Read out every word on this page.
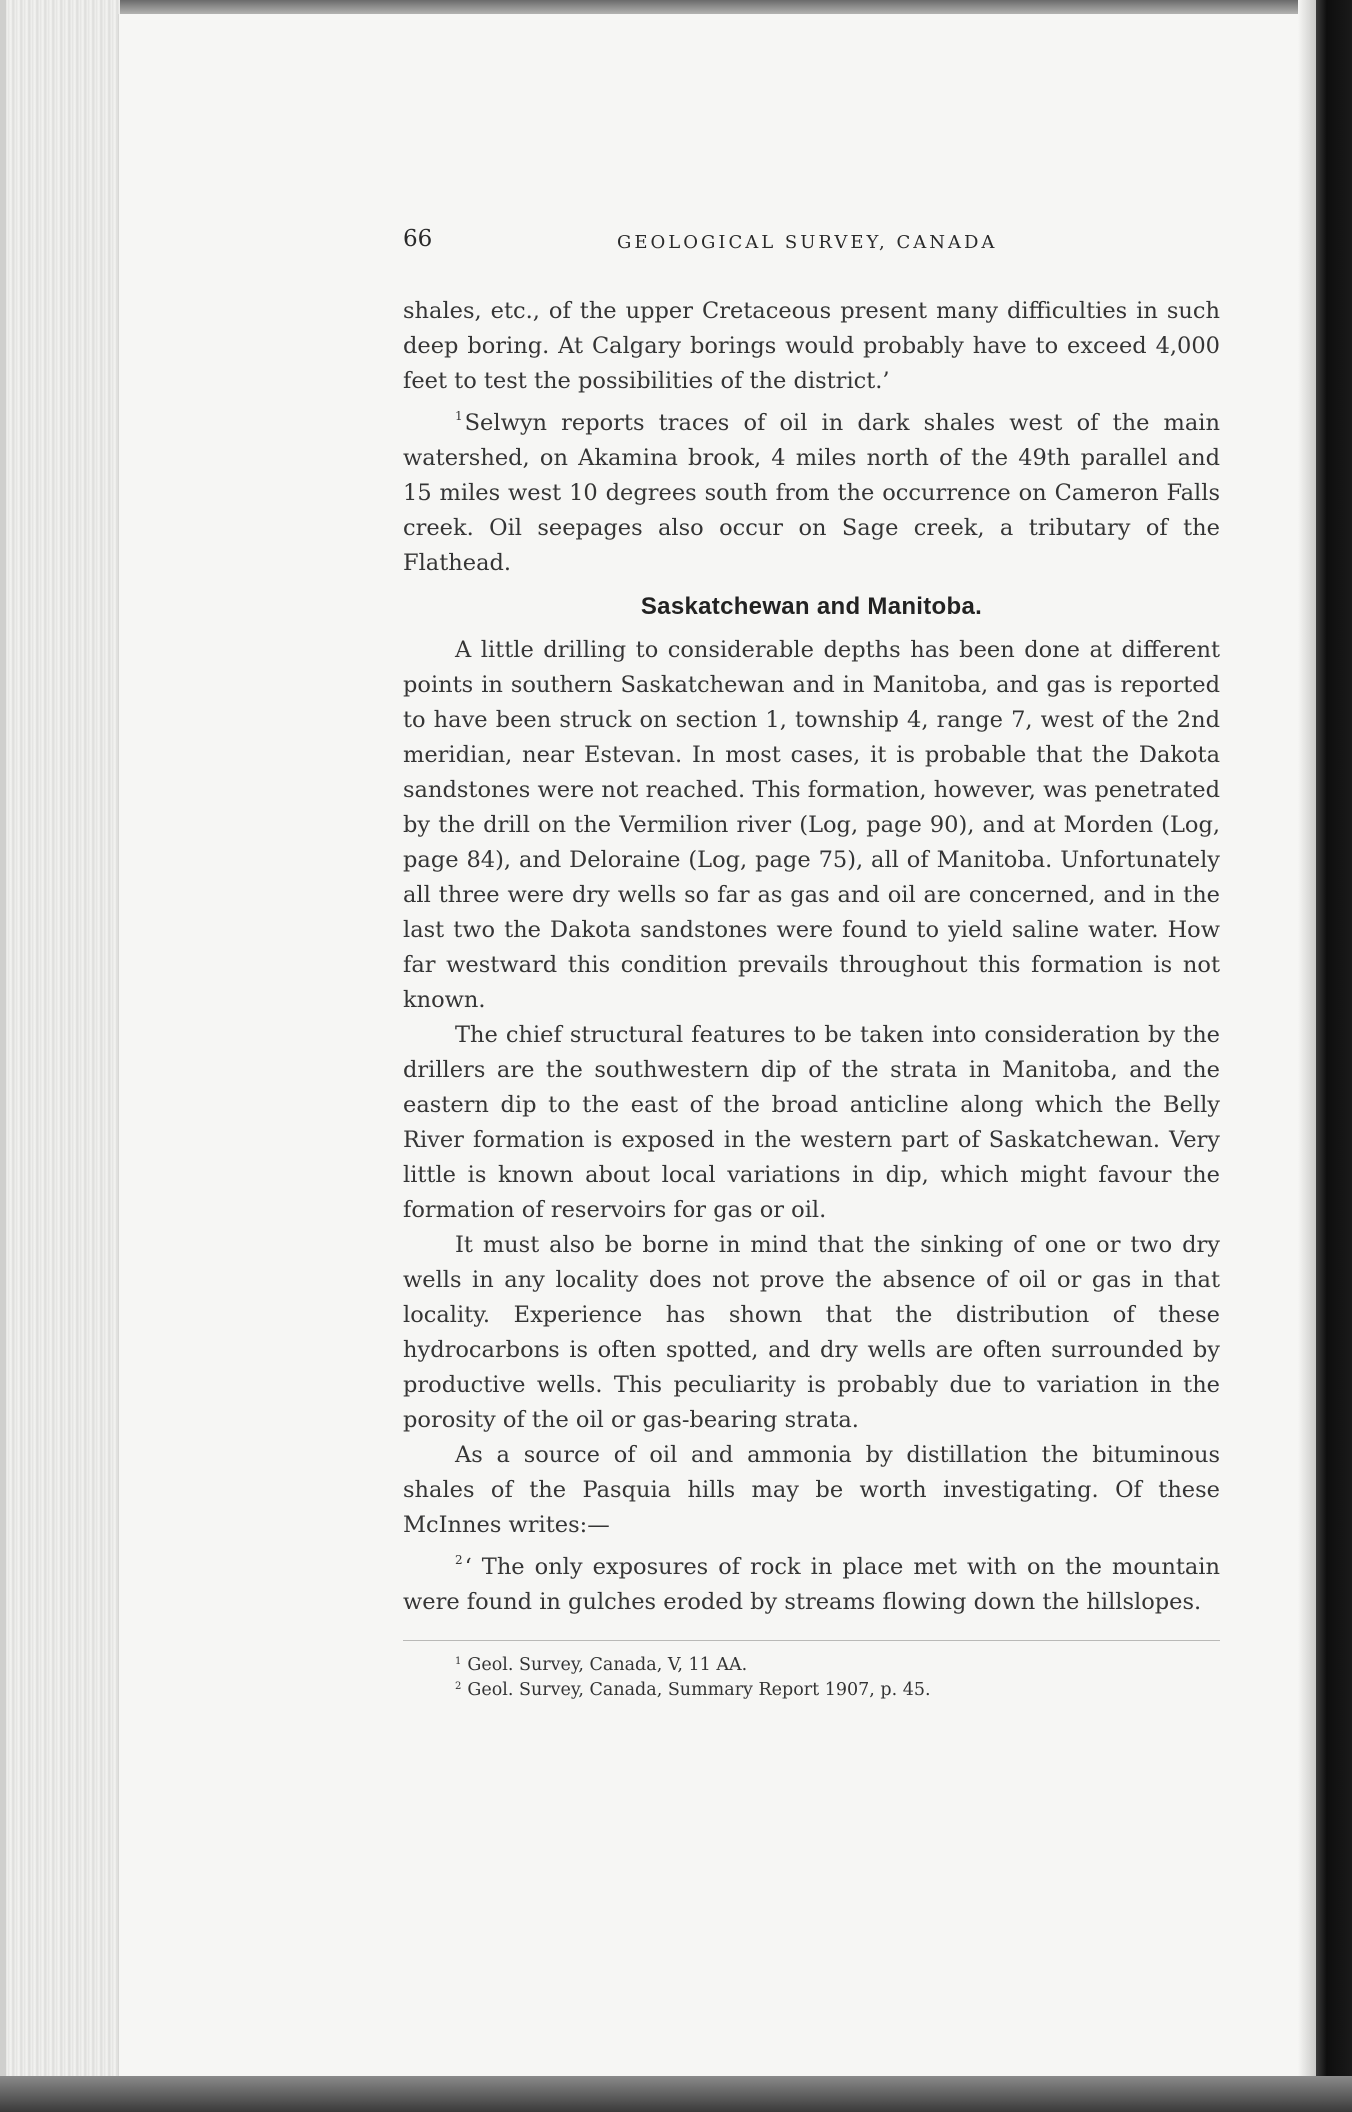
66	GEOLOGICAL SURVEY, CANADA

shales, etc., of the upper Cretaceous present many difficulties in such deep boring. At Calgary borings would probably have to exceed 4,000 feet to test the possibilities of the district.’

$^1$Selwyn reports traces of oil in dark shales west of the main watershed, on Akamina brook, 4 miles north of the 49th parallel and 15 miles west 10 degrees south from the occurrence on Cameron Falls creek. Oil seepages also occur on Sage creek, a tributary of the Flathead.

Saskatchewan and Manitoba.

A little drilling to considerable depths has been done at different points in southern Saskatchewan and in Manitoba, and gas is reported to have been struck on section 1, township 4, range 7, west of the 2nd meridian, near Estevan. In most cases, it is probable that the Dakota sandstones were not reached. This formation, however, was penetrated by the drill on the Vermilion river (Log, page 90), and at Morden (Log, page 84), and Deloraine (Log, page 75), all of Manitoba. Unfortunately all three were dry wells so far as gas and oil are concerned, and in the last two the Dakota sandstones were found to yield saline water. How far westward this condition prevails throughout this formation is not known.

The chief structural features to be taken into consideration by the drillers are the southwestern dip of the strata in Manitoba, and the eastern dip to the east of the broad anticline along which the Belly River formation is exposed in the western part of Saskatchewan. Very little is known about local variations in dip, which might favour the formation of reservoirs for gas or oil.

It must also be borne in mind that the sinking of one or two dry wells in any locality does not prove the absence of oil or gas in that locality. Experience has shown that the distribution of these hydrocarbons is often spotted, and dry wells are often surrounded by productive wells. This peculiarity is probably due to variation in the porosity of the oil or gas-bearing strata.

As a source of oil and ammonia by distillation the bituminous shales of the Pasquia hills may be worth investigating. Of these McInnes writes:—

$^2$‘ The only exposures of rock in place met with on the mountain were found in gulches eroded by streams flowing down the hillslopes.

$^1$ Geol. Survey, Canada, V, 11 AA.

$^2$ Geol. Survey, Canada, Summary Report 1907, p. 45.
